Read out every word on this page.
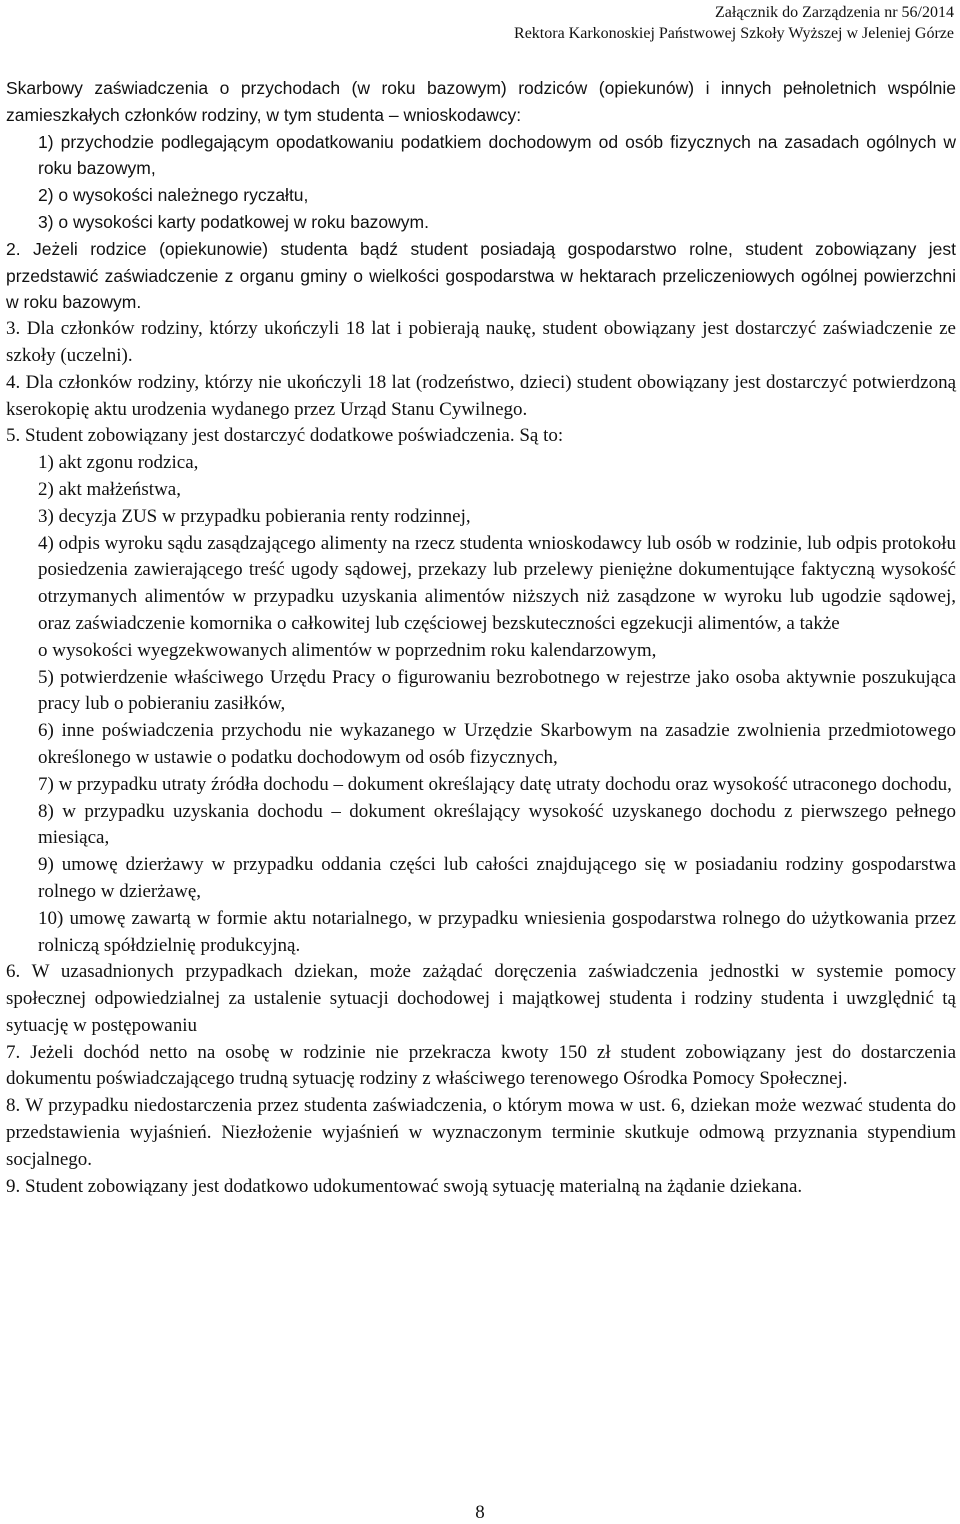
Załącznik do Zarządzenia nr 56/2014
Rektora Karkonoskiej Państwowej Szkoły Wyższej w Jeleniej Górze

Skarbowy zaświadczenia o przychodach (w roku bazowym) rodziców (opiekunów) i innych pełnoletnich wspólnie zamieszkałych członków rodziny, w tym studenta – wnioskodawcy:

1) przychodzie podlegającym opodatkowaniu podatkiem dochodowym od osób fizycznych na zasadach ogólnych w roku bazowym,

2) o wysokości należnego ryczałtu,

3) o wysokości karty podatkowej w roku bazowym.

2. Jeżeli rodzice (opiekunowie) studenta bądź student posiadają gospodarstwo rolne, student zobowiązany jest przedstawić zaświadczenie z organu gminy o wielkości gospodarstwa w hektarach przeliczeniowych ogólnej powierzchni w roku bazowym.

3. Dla członków rodziny, którzy ukończyli 18 lat i pobierają naukę, student obowiązany jest dostarczyć zaświadczenie ze szkoły (uczelni).

4. Dla członków rodziny, którzy nie ukończyli 18 lat (rodzeństwo, dzieci) student obowiązany jest dostarczyć potwierdzoną kserokopię aktu urodzenia wydanego przez Urząd Stanu Cywilnego.

5. Student zobowiązany jest dostarczyć dodatkowe poświadczenia. Są to:

1) akt zgonu rodzica,

2) akt małżeństwa,

3) decyzja ZUS w przypadku pobierania renty rodzinnej,

4) odpis wyroku sądu zasądzającego alimenty na rzecz studenta wnioskodawcy lub osób w rodzinie, lub odpis protokołu posiedzenia zawierającego treść ugody sądowej, przekazy lub przelewy pieniężne dokumentujące faktyczną wysokość otrzymanych alimentów w przypadku uzyskania alimentów niższych niż zasądzone w wyroku lub ugodzie sądowej, oraz zaświadczenie komornika o całkowitej lub częściowej bezskuteczności egzekucji alimentów, a także

o wysokości wyegzekwowanych alimentów w poprzednim roku kalendarzowym,

5) potwierdzenie właściwego Urzędu Pracy o figurowaniu bezrobotnego w rejestrze jako osoba aktywnie poszukująca pracy lub o pobieraniu zasiłków,

6) inne poświadczenia przychodu nie wykazanego w Urzędzie Skarbowym na zasadzie zwolnienia przedmiotowego określonego w ustawie o podatku dochodowym od osób fizycznych,

7) w przypadku utraty źródła dochodu – dokument określający datę utraty dochodu oraz wysokość utraconego dochodu,

8) w przypadku uzyskania dochodu – dokument określający wysokość uzyskanego dochodu z pierwszego pełnego miesiąca,

9) umowę dzierżawy w przypadku oddania części lub całości znajdującego się w posiadaniu rodziny gospodarstwa rolnego w dzierżawę,

10) umowę zawartą w formie aktu notarialnego, w przypadku wniesienia gospodarstwa rolnego do użytkowania przez rolniczą spółdzielnię produkcyjną.

6. W uzasadnionych przypadkach dziekan, może zażądać doręczenia zaświadczenia jednostki w systemie pomocy społecznej odpowiedzialnej za ustalenie sytuacji dochodowej i majątkowej studenta i rodziny studenta i uwzględnić tą sytuację w postępowaniu

7. Jeżeli dochód netto na osobę w rodzinie nie przekracza kwoty 150 zł student zobowiązany jest do dostarczenia dokumentu poświadczającego trudną sytuację rodziny z właściwego terenowego Ośrodka Pomocy Społecznej.

8. W przypadku niedostarczenia przez studenta zaświadczenia, o którym mowa w ust. 6, dziekan może wezwać studenta do przedstawienia wyjaśnień. Niezłożenie wyjaśnień w wyznaczonym terminie skutkuje odmową przyznania stypendium socjalnego.

9. Student zobowiązany jest dodatkowo udokumentować swoją sytuację materialną na żądanie dziekana.

8
